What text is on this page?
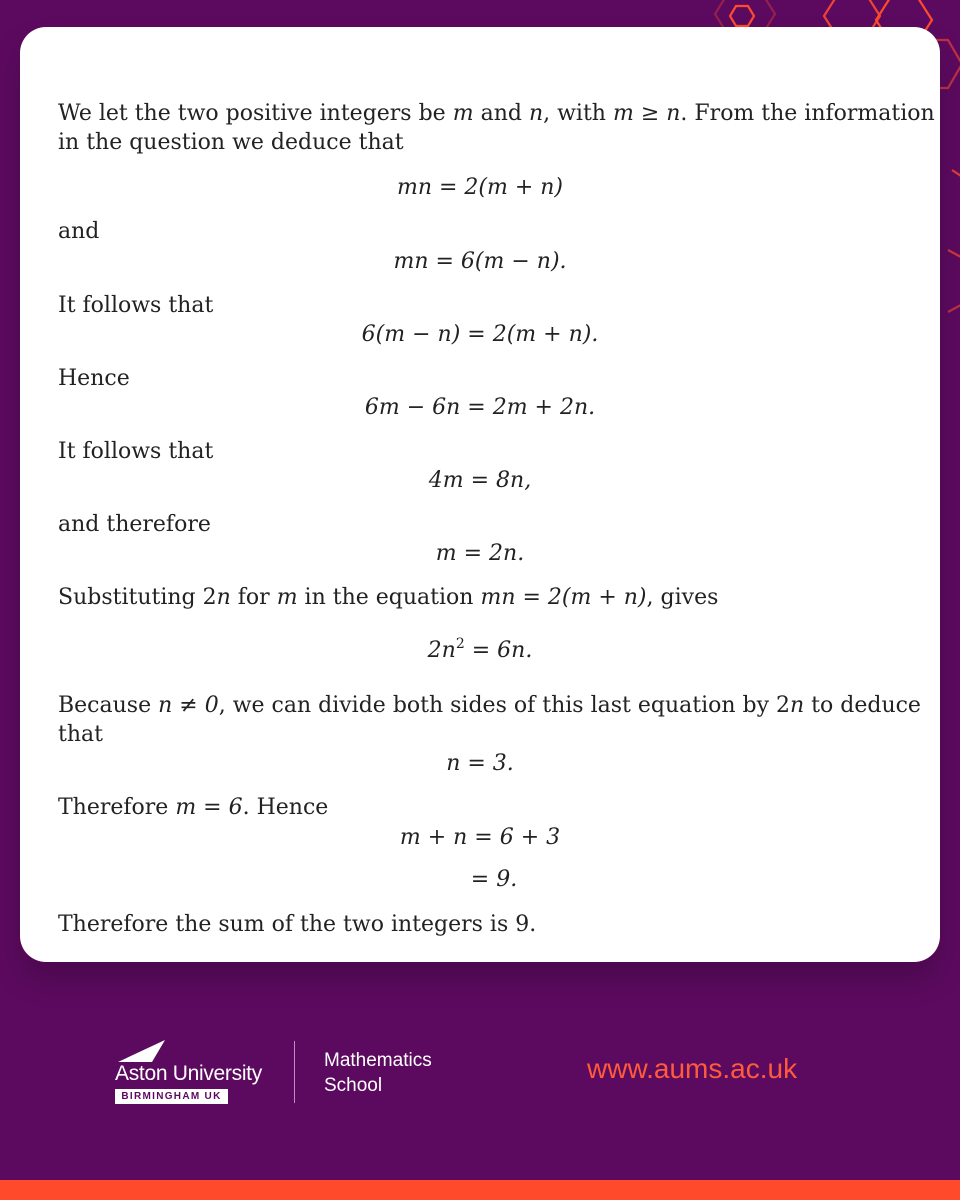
We let the two positive integers be m and n, with m ≥ n. From the information
in the question we deduce that
mn = 2(m + n)
and
mn = 6(m − n).
It follows that
6(m − n) = 2(m + n).
Hence
6m − 6n = 2m + 2n.
It follows that
4m = 8n,
and therefore
m = 2n.
Substituting 2n for m in the equation mn = 2(m + n), gives
$2n^2 = 6n$.
Because n ≠ 0, we can divide both sides of this last equation by 2n to deduce
that
n = 3.
Therefore m = 6. Hence
m + n = 6 + 3
= 9.
Therefore the sum of the two integers is 9.
Aston University
BIRMINGHAM UK
Mathematics
School
www.aums.ac.uk
